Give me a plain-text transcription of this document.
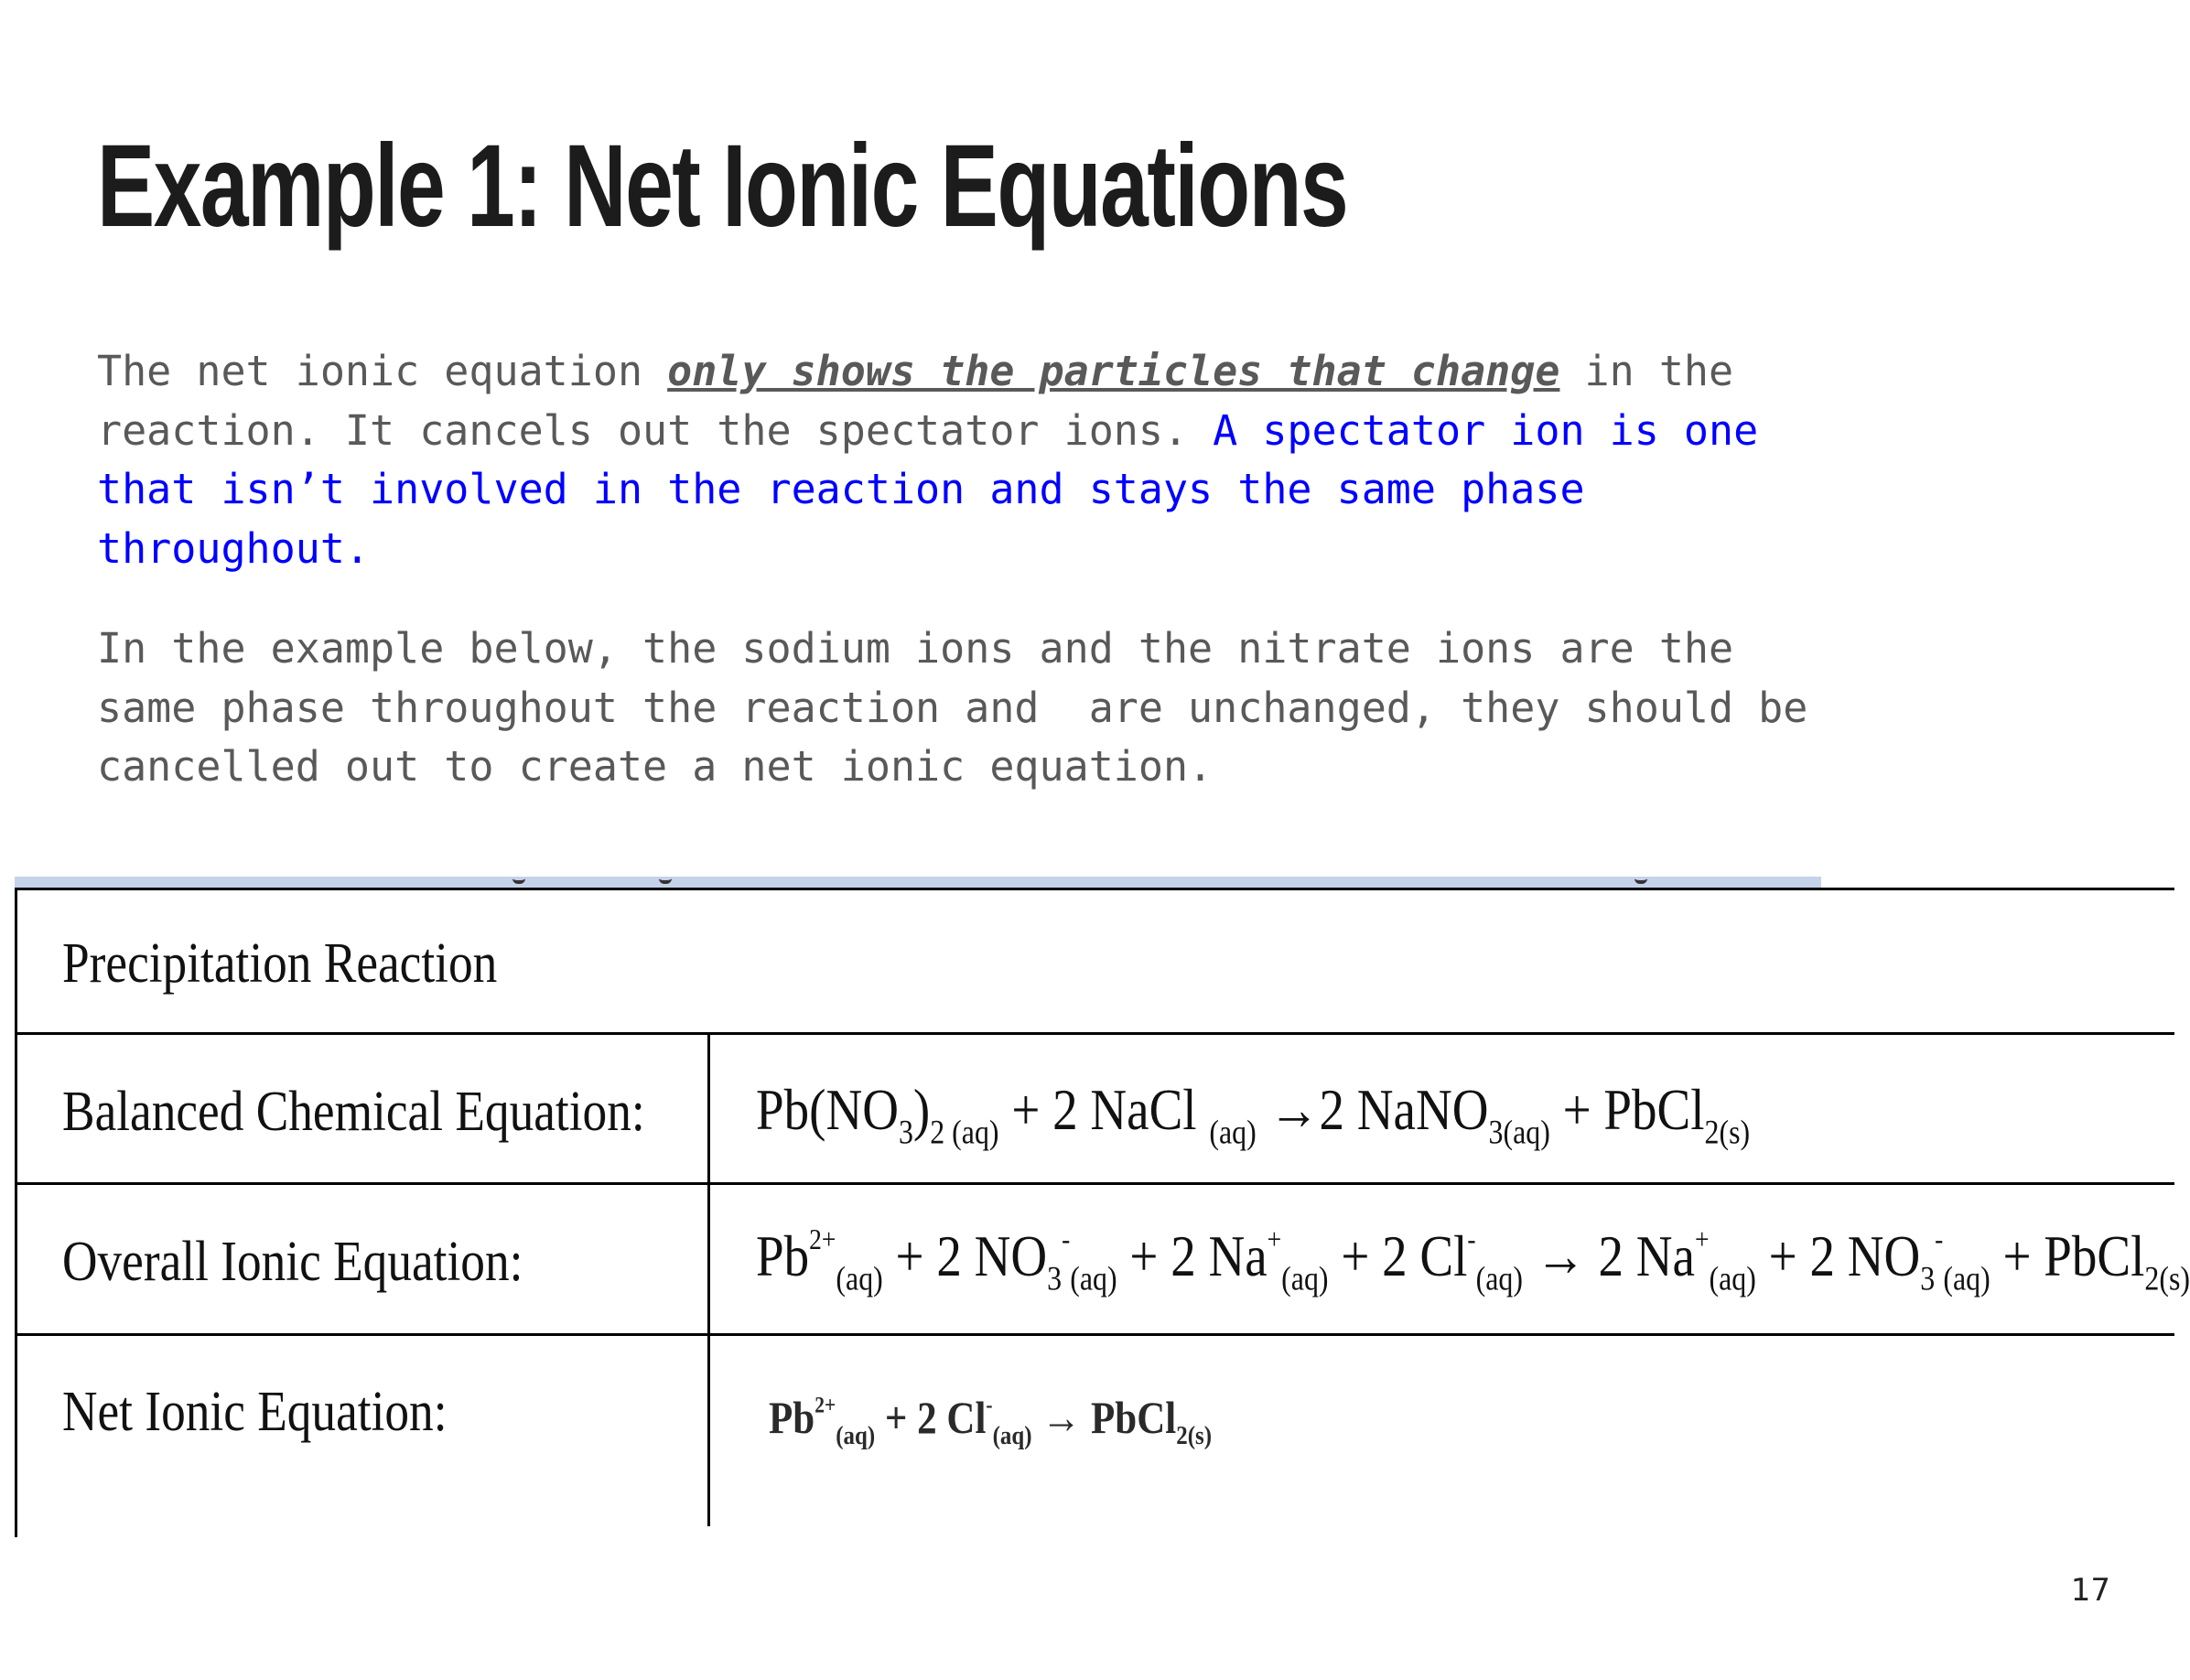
Example 1: Net Ionic Equations
The net ionic equation only shows the particles that change in the
reaction. It cancels out the spectator ions. A spectator ion is one
that isn’t involved in the reaction and stays the same phase
throughout.
In the example below, the sodium ions and the nitrate ions are the
same phase throughout the reaction and  are unchanged, they should be
cancelled out to create a net ionic equation.
Precipitation Reaction
Balanced Chemical Equation: $Pb(NO_3)_{2 (aq)} + 2$ NaCl $_{(aq)}$ →2 NaNO$_{3(aq)}$ + PbCl$_{2(s)}$
Overall Ionic Equation:	$Pb^{2+}_{(aq)} + 2$ $NO_3^-_{(aq)} + 2$ $Na^+_{(aq)} + 2$ $Cl^-_{(aq)} \to 2$ $Na^+_{(aq)} + 2$ $NO_3^-_{(aq)}$ + PbCl$_{2(s)}$
Net Ionic Equation:	$Pb^{2+}_{(aq)} + 2$ $Cl^-_{(aq)}$ → PbCl$_{2(s)}$
17
